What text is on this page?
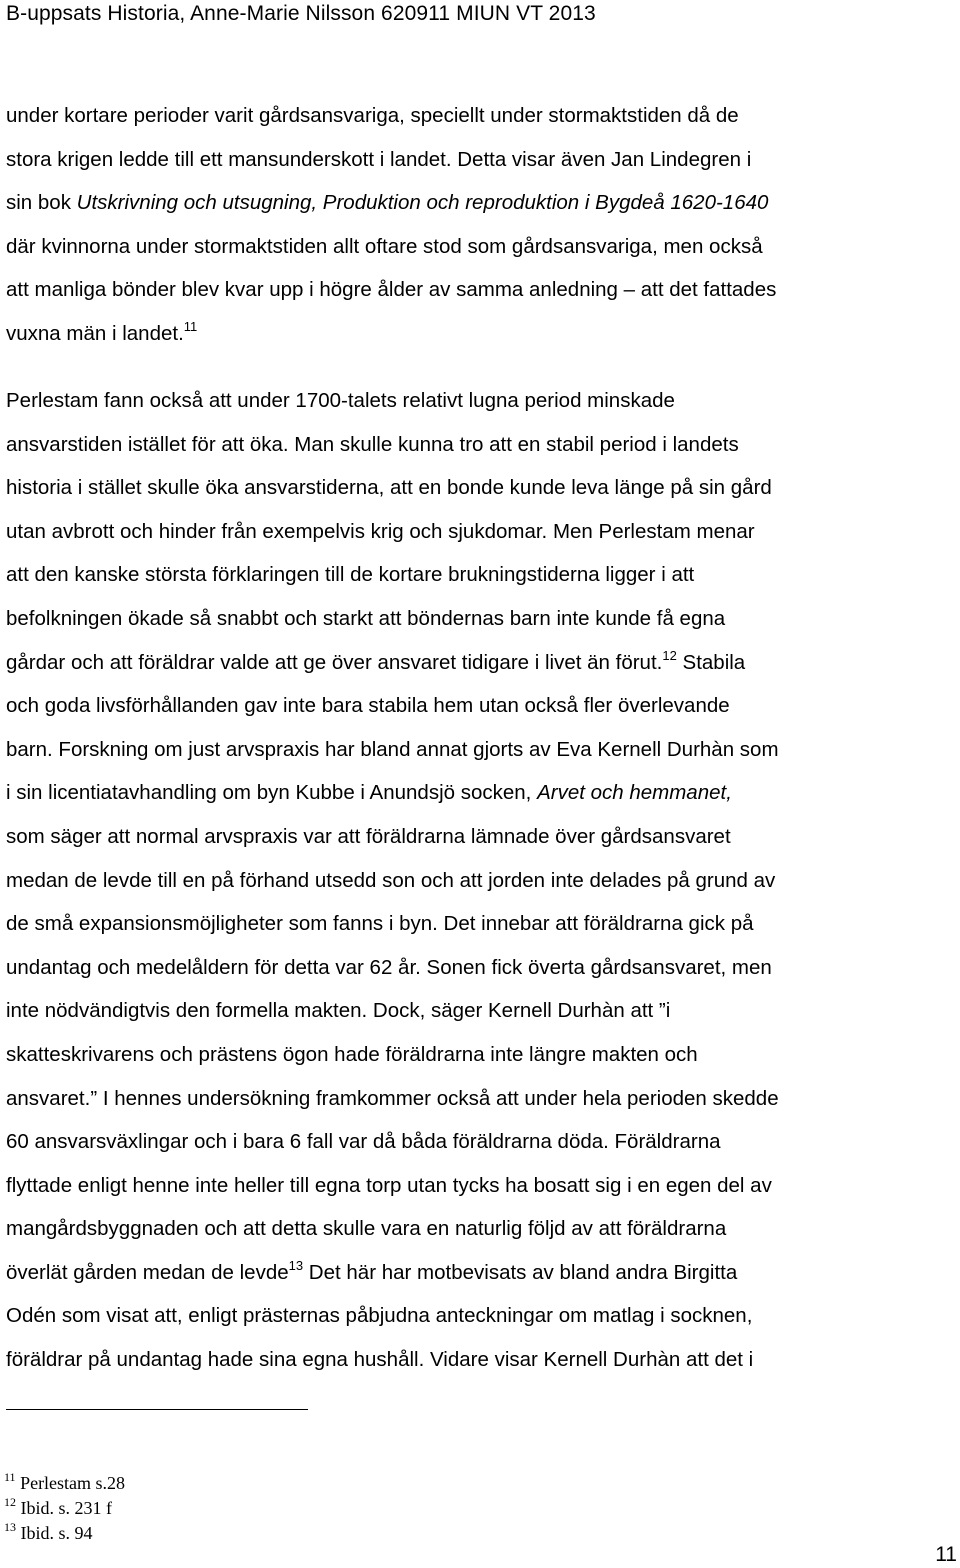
B-uppsats Historia, Anne-Marie Nilsson 620911 MIUN VT 2013
under kortare perioder varit gårdsansvariga, speciellt under stormaktstiden då de
stora krigen ledde till ett mansunderskott i landet. Detta visar även Jan Lindegren i
sin bok Utskrivning och utsugning, Produktion och reproduktion i Bygdeå 1620-1640
där kvinnorna under stormaktstiden allt oftare stod som gårdsansvariga, men också
att manliga bönder blev kvar upp i högre ålder av samma anledning – att det fattades
vuxna män i landet.$^{11}$
Perlestam fann också att under 1700-talets relativt lugna period minskade
ansvarstiden istället för att öka. Man skulle kunna tro att en stabil period i landets
historia i stället skulle öka ansvarstiderna, att en bonde kunde leva länge på sin gård
utan avbrott och hinder från exempelvis krig och sjukdomar. Men Perlestam menar
att den kanske största förklaringen till de kortare brukningstiderna ligger i att
befolkningen ökade så snabbt och starkt att böndernas barn inte kunde få egna
gårdar och att föräldrar valde att ge över ansvaret tidigare i livet än förut.$^{12}$ Stabila
och goda livsförhållanden gav inte bara stabila hem utan också fler överlevande
barn. Forskning om just arvspraxis har bland annat gjorts av Eva Kernell Durhàn som
i sin licentiatavhandling om byn Kubbe i Anundsjö socken, Arvet och hemmanet,
som säger att normal arvspraxis var att föräldrarna lämnade över gårdsansvaret
medan de levde till en på förhand utsedd son och att jorden inte delades på grund av
de små expansionsmöjligheter som fanns i byn. Det innebar att föräldrarna gick på
undantag och medelåldern för detta var 62 år. Sonen fick överta gårdsansvaret, men
inte nödvändigtvis den formella makten. Dock, säger Kernell Durhàn att ”i
skatteskrivarens och prästens ögon hade föräldrarna inte längre makten och
ansvaret.” I hennes undersökning framkommer också att under hela perioden skedde
60 ansvarsväxlingar och i bara 6 fall var då båda föräldrarna döda. Föräldrarna
flyttade enligt henne inte heller till egna torp utan tycks ha bosatt sig i en egen del av
mangårdsbyggnaden och att detta skulle vara en naturlig följd av att föräldrarna
överlät gården medan de levde$^{13}$ Det här har motbevisats av bland andra Birgitta
Odén som visat att, enligt prästernas påbjudna anteckningar om matlag i socknen,
föräldrar på undantag hade sina egna hushåll. Vidare visar Kernell Durhàn att det i
$^{11}$ Perlestam s.28
$^{12}$ Ibid. s. 231 f
$^{13}$ Ibid. s. 94
11
